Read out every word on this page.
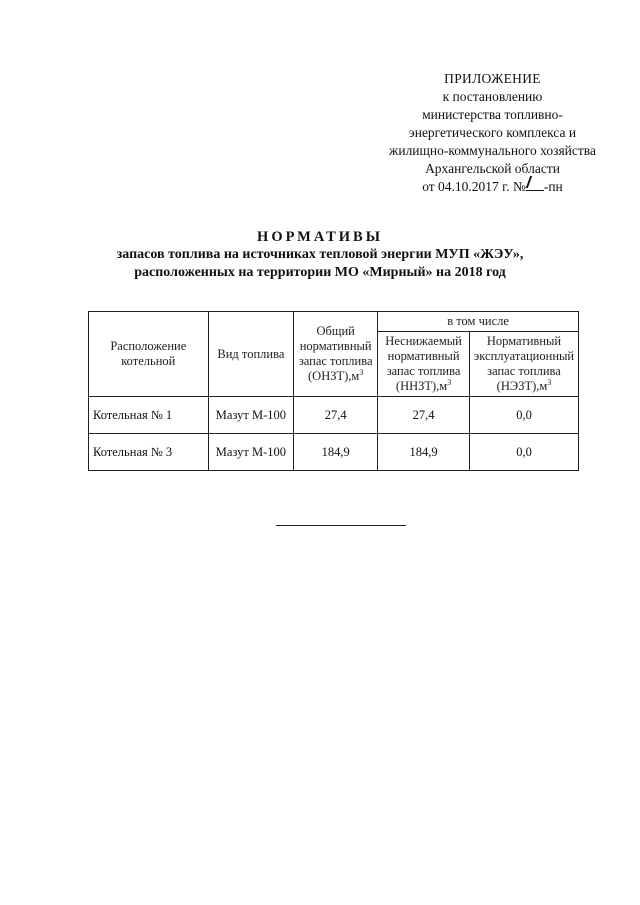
ПРИЛОЖЕНИЕ
к постановлению
министерства топливно-
энергетического комплекса и
жилищно-коммунального хозяйства
Архангельской области
от 04.10.2017 г. № -пн
НОРМАТИВЫ
запасов топлива на источниках тепловой энергии МУП «ЖЭУ»,
расположенных на территории МО «Мирный» на 2018 год
Расположение котельной	Вид топлива	Общий нормативный запас топлива $(ОНЗТ),м^3$	в том числе	
			Неснижаемый нормативный запас топлива $(ННЗТ),м^3$	Нормативный эксплуатационный запас топлива $(НЭЗТ),м^3$
Котельная № 1	Мазут М-100	27,4	27,4	0,0
Котельная № 3	Мазут М-100	184,9	184,9	0,0
